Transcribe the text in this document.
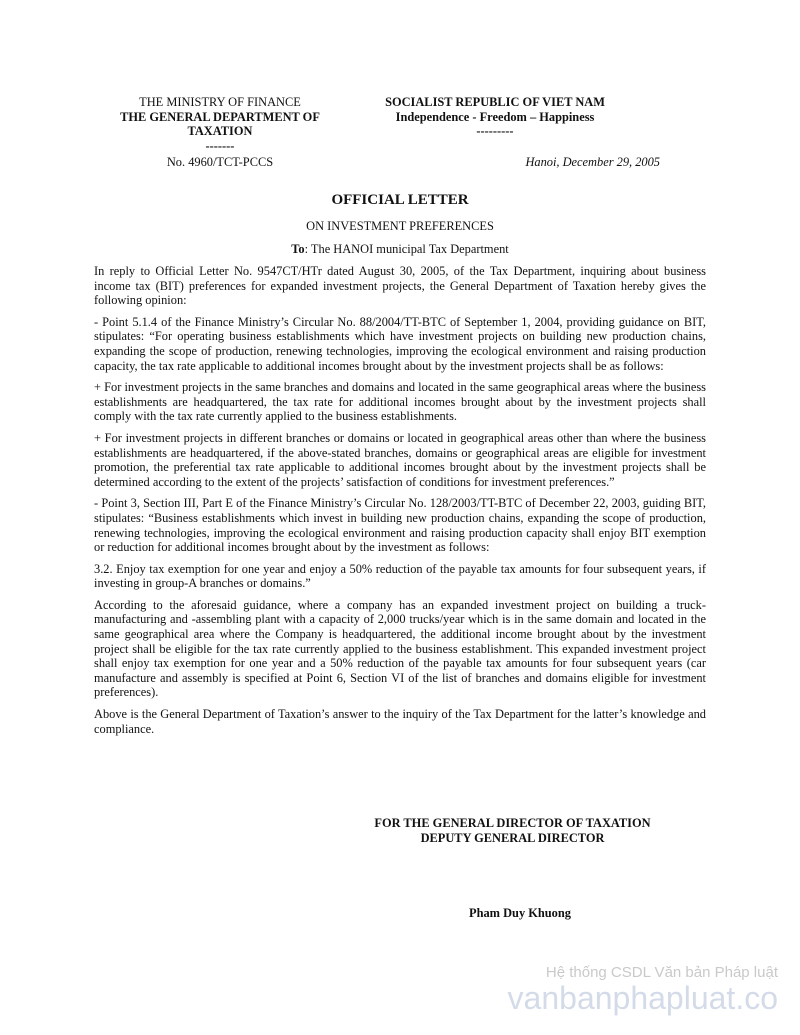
THE MINISTRY OF FINANCE
THE GENERAL DEPARTMENT OF
TAXATION
-------
SOCIALIST REPUBLIC OF VIET NAM
Independence - Freedom – Happiness
---------
No. 4960/TCT-PCCS	Hanoi, December 29, 2005
OFFICIAL LETTER
ON INVESTMENT PREFERENCES
To: The HANOI municipal Tax Department

In reply to Official Letter No. 9547CT/HTr dated August 30, 2005, of the Tax Department, inquiring about business income tax (BIT) preferences for expanded investment projects, the General Department of Taxation hereby gives the following opinion:

- Point 5.1.4 of the Finance Ministry’s Circular No. 88/2004/TT-BTC of September 1, 2004, providing guidance on BIT, stipulates: “For operating business establishments which have investment projects on building new production chains, expanding the scope of production, renewing technologies, improving the ecological environment and raising production capacity, the tax rate applicable to additional incomes brought about by the investment projects shall be as follows:

+ For investment projects in the same branches and domains and located in the same geographical areas where the business establishments are headquartered, the tax rate for additional incomes brought about by the investment projects shall comply with the tax rate currently applied to the business establishments.

+ For investment projects in different branches or domains or located in geographical areas other than where the business establishments are headquartered, if the above-stated branches, domains or geographical areas are eligible for investment promotion, the preferential tax rate applicable to additional incomes brought about by the investment projects shall be determined according to the extent of the projects’ satisfaction of conditions for investment preferences.”

- Point 3, Section III, Part E of the Finance Ministry’s Circular No. 128/2003/TT-BTC of December 22, 2003, guiding BIT, stipulates: “Business establishments which invest in building new production chains, expanding the scope of production, renewing technologies, improving the ecological environment and raising production capacity shall enjoy BIT exemption or reduction for additional incomes brought about by the investment as follows:

3.2. Enjoy tax exemption for one year and enjoy a 50% reduction of the payable tax amounts for four subsequent years, if investing in group-A branches or domains.”

According to the aforesaid guidance, where a company has an expanded investment project on building a truck-manufacturing and -assembling plant with a capacity of 2,000 trucks/year which is in the same domain and located in the same geographical area where the Company is headquartered, the additional income brought about by the investment project shall be eligible for the tax rate currently applied to the business establishment. This expanded investment project shall enjoy tax exemption for one year and a 50% reduction of the payable tax amounts for four subsequent years (car manufacture and assembly is specified at Point 6, Section VI of the list of branches and domains eligible for investment preferences).

Above is the General Department of Taxation’s answer to the inquiry of the Tax Department for the latter’s knowledge and compliance.

FOR THE GENERAL DIRECTOR OF TAXATION
DEPUTY GENERAL DIRECTOR
Pham Duy Khuong
Hệ thống CSDL Văn bản Pháp luật
vanbanphapluat.co
